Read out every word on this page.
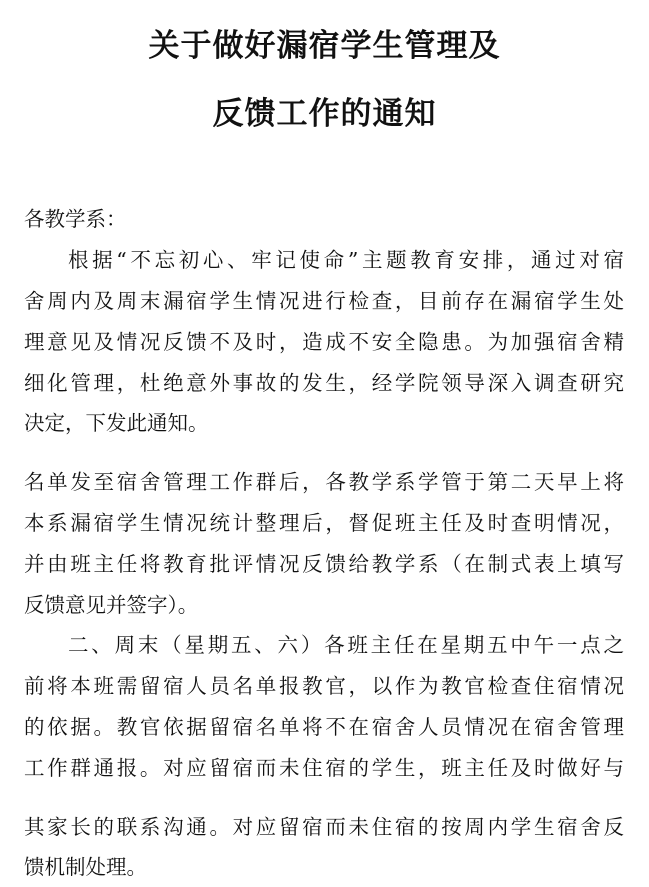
关于做好漏宿学生管理及
反馈工作的通知

各教学系：

根据“不忘初心、牢记使命”主题教育安排，通过对宿

舍周内及周末漏宿学生情况进行检查，目前存在漏宿学生处

理意见及情况反馈不及时，造成不安全隐患。为加强宿舍精

细化管理，杜绝意外事故的发生，经学院领导深入调查研究

决定，下发此通知。

名单发至宿舍管理工作群后，各教学系学管于第二天早上将

本系漏宿学生情况统计整理后，督促班主任及时查明情况，

并由班主任将教育批评情况反馈给教学系（在制式表上填写

反馈意见并签字）。

二、周末（星期五、六）各班主任在星期五中午一点之

前将本班需留宿人员名单报教官，以作为教官检查住宿情况

的依据。教官依据留宿名单将不在宿舍人员情况在宿舍管理

工作群通报。对应留宿而未住宿的学生，班主任及时做好与

其家长的联系沟通。对应留宿而未住宿的按周内学生宿舍反

馈机制处理。
